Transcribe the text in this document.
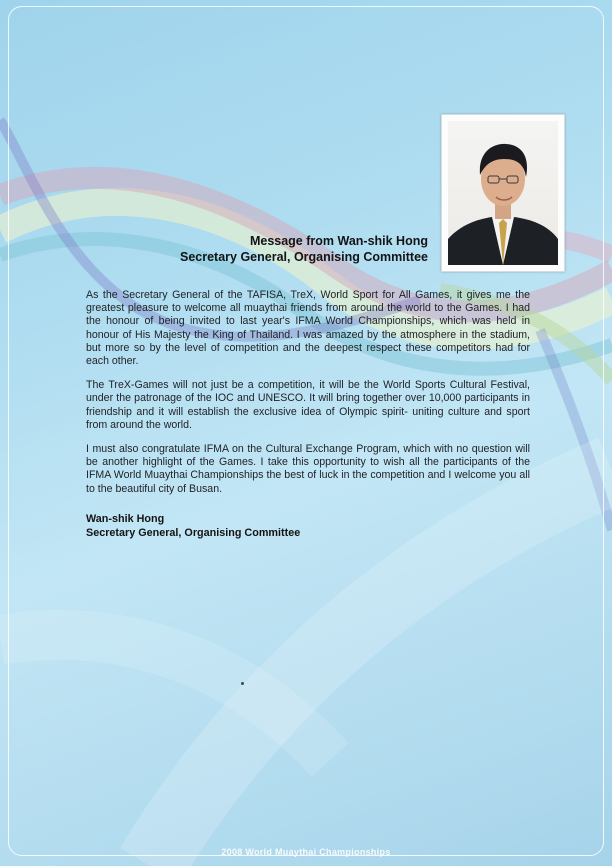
Message from Wan-shik Hong
Secretary General, Organising Committee

As the Secretary General of the TAFISA, TreX, World Sport for All Games, it gives me the greatest pleasure to welcome all muaythai friends from around the world to the Games. I had the honour of being invited to last year's IFMA World Championships, which was held in honour of His Majesty the King of Thailand. I was amazed by the atmosphere in the stadium, but more so by the level of competition and the deepest respect these competitors had for each other.

The TreX-Games will not just be a competition, it will be the World Sports Cultural Festival, under the patronage of the IOC and UNESCO. It will bring together over 10,000 participants in friendship and it will establish the exclusive idea of Olympic spirit- uniting culture and sport from around the world.

I must also congratulate IFMA on the Cultural Exchange Program, which with no question will be another highlight of the Games. I take this opportunity to wish all the participants of the IFMA World Muaythai Championships the best of luck in the competition and I welcome you all to the beautiful city of Busan.

Wan-shik Hong
Secretary General, Organising Committee
2008 World Muaythai Championships
